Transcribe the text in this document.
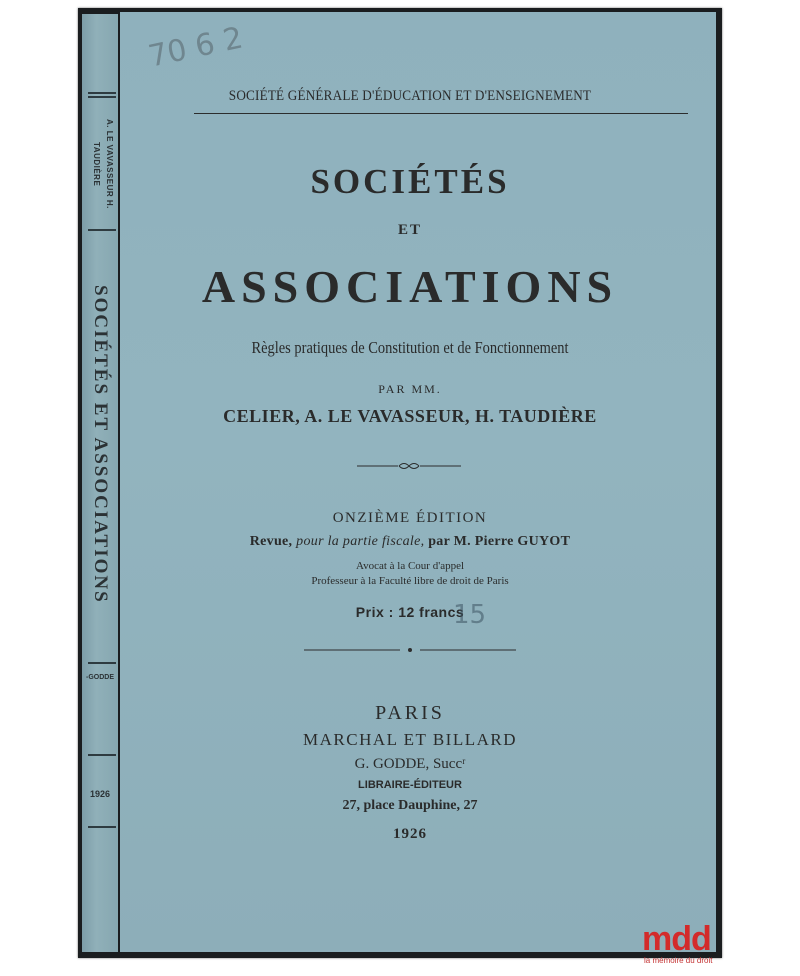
A. LE VAVASSEUR H. TAUDIÈRE
SOCIÉTÉS ET ASSOCIATIONS
-GODDE
1926
70 6 2
SOCIÉTÉ GÉNÉRALE D'ÉDUCATION ET D'ENSEIGNEMENT
SOCIÉTÉS
ET
ASSOCIATIONS
Règles pratiques de Constitution et de Fonctionnement
PAR MM.
CELIER, A. LE VAVASSEUR, H. TAUDIÈRE
ONZIÈME ÉDITION
Revue, pour la partie fiscale, par M. Pierre GUYOT
Avocat à la Cour d'appel
Professeur à la Faculté libre de droit de Paris
Prix : 12 francs
15
PARIS
MARCHAL ET BILLARD
G. GODDE, Succʳ
LIBRAIRE-ÉDITEUR
27, place Dauphine, 27
1926
mdd
la mémoire du droit
